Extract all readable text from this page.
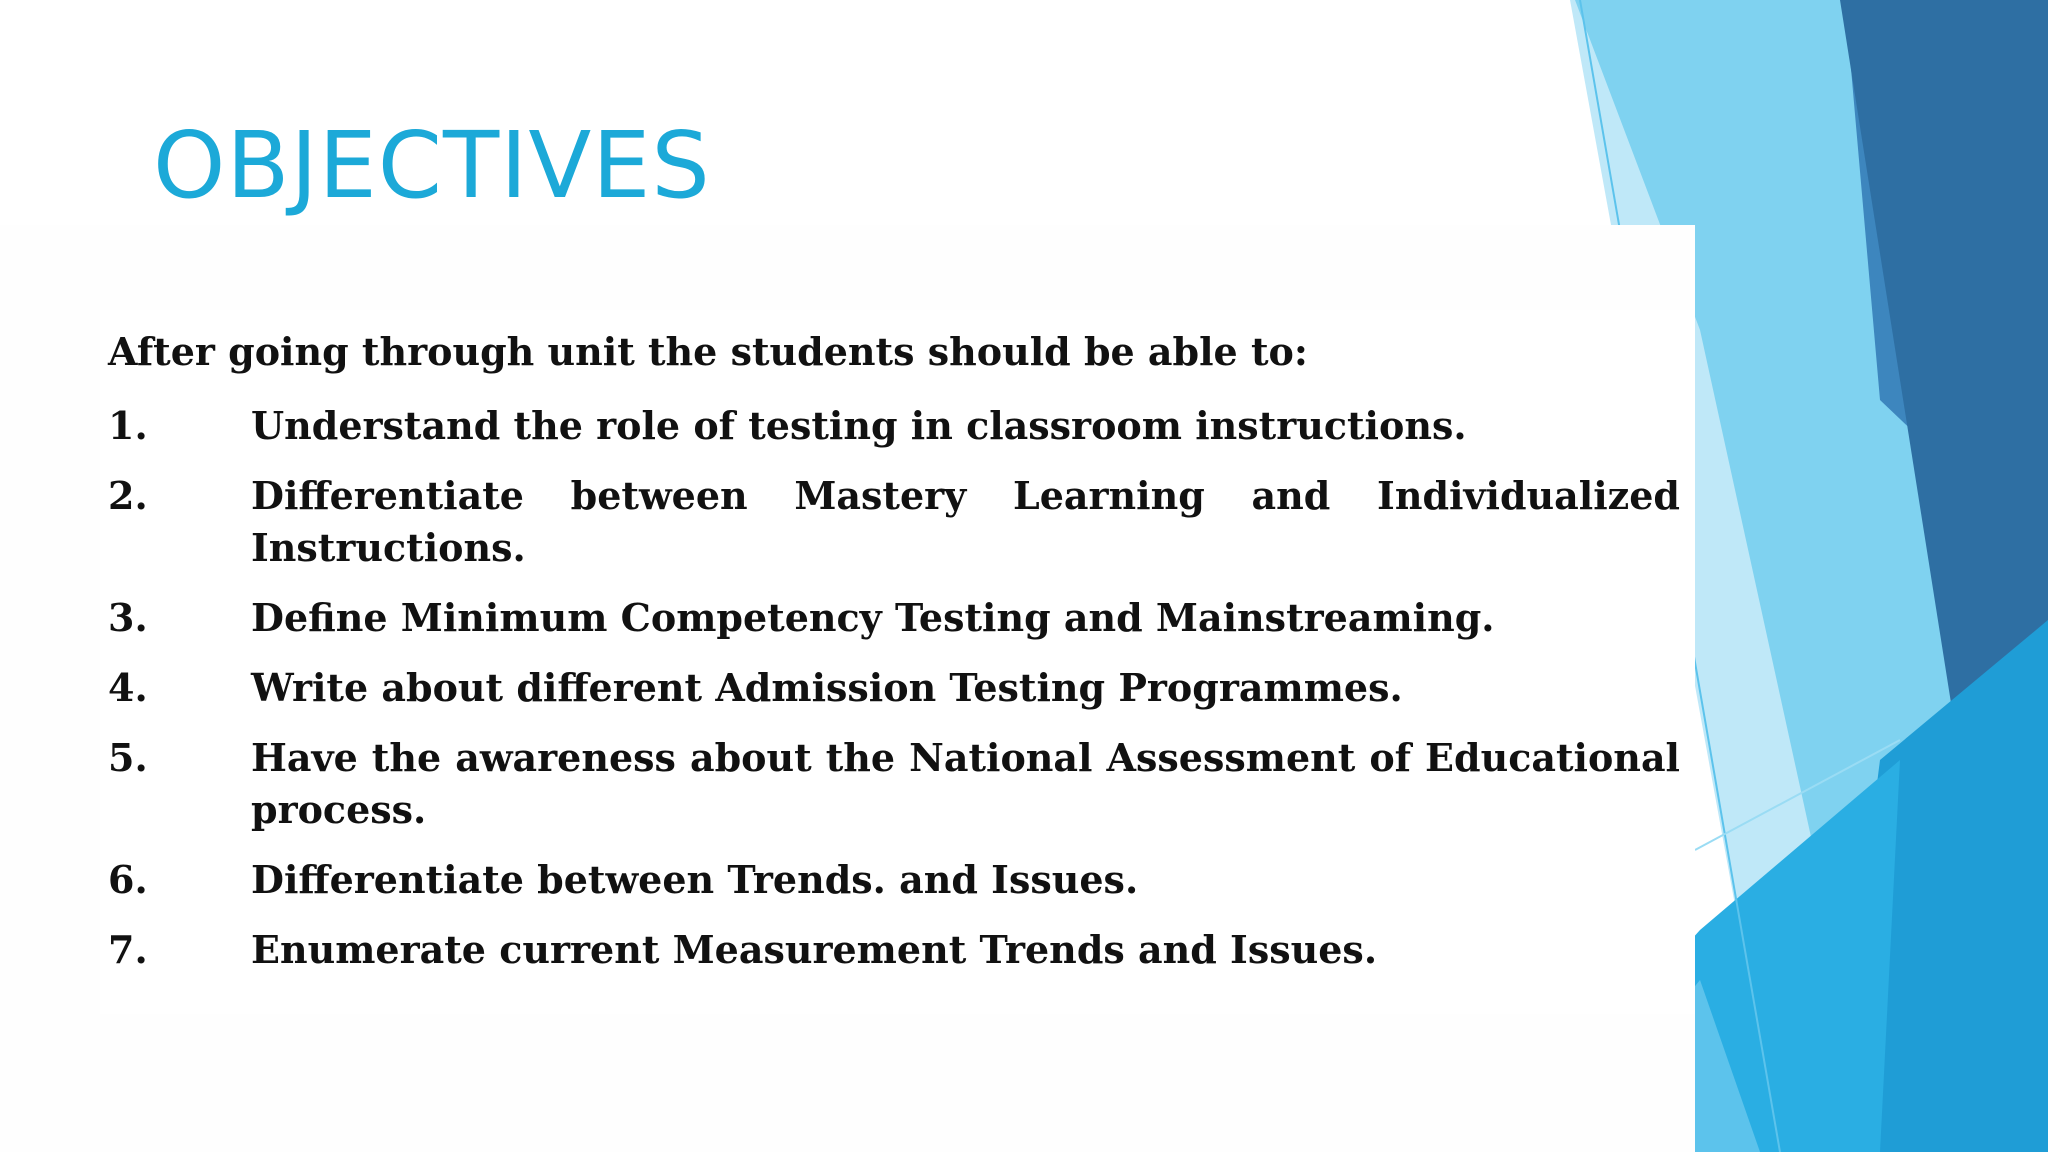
OBJECTIVES

After going through unit the students should be able to:

1.	Understand the role of testing in classroom instructions.
2.	Differentiate between Mastery Learning and Individualized Instructions.
3.	Define Minimum Competency Testing and Mainstreaming.
4.	Write about different Admission Testing Programmes.
5.	Have the awareness about the National Assessment of Educational process.
6.	Differentiate between Trends. and Issues.
7.	Enumerate current Measurement Trends and Issues.
